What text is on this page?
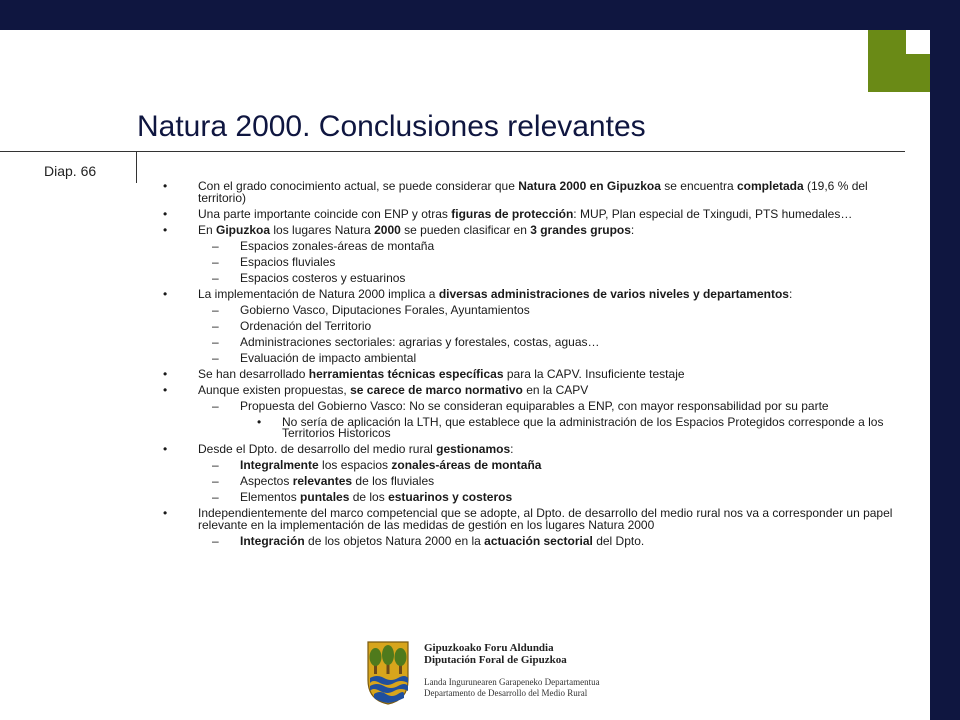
Natura 2000. Conclusiones relevantes
Diap. 66
•	Con el grado conocimiento actual, se puede considerar que Natura 2000 en Gipuzkoa se encuentra completada (19,6 % del territorio)
•	Una parte importante coincide con ENP y otras figuras de protección: MUP, Plan especial de Txingudi, PTS humedales…
•	En Gipuzkoa los lugares Natura 2000 se pueden clasificar en 3 grandes grupos:
– Espacios zonales-áreas de montaña
– Espacios fluviales
– Espacios costeros y estuarinos
•	La implementación de Natura 2000 implica a diversas administraciones de varios niveles y departamentos:
– Gobierno Vasco, Diputaciones Forales, Ayuntamientos
– Ordenación del Territorio
– Administraciones sectoriales: agrarias y forestales, costas, aguas…
– Evaluación de impacto ambiental
•	Se han desarrollado herramientas técnicas específicas para la CAPV. Insuficiente testaje
•	Aunque existen propuestas, se carece de marco normativo en la CAPV
– Propuesta del Gobierno Vasco: No se consideran equiparables a ENP, con mayor responsabilidad por su parte
• No sería de aplicación la LTH, que establece que la administración de los Espacios Protegidos corresponde a los Territorios Historicos
•	Desde el Dpto. de desarrollo del medio rural gestionamos:
– Integralmente los espacios zonales-áreas de montaña
– Aspectos relevantes de los fluviales
– Elementos puntales de los estuarinos y costeros
•	Independientemente del marco competencial que se adopte, al Dpto. de desarrollo del medio rural nos va a corresponder un papel relevante en la implementación de las medidas de gestión en los lugares Natura 2000
– Integración de los objetos Natura 2000 en la actuación sectorial del Dpto.
Gipuzkoako Foru Aldundia
Diputación Foral de Gipuzkoa
Landa Ingurunearen Garapeneko Departamentua
Departamento de Desarrollo del Medio Rural
